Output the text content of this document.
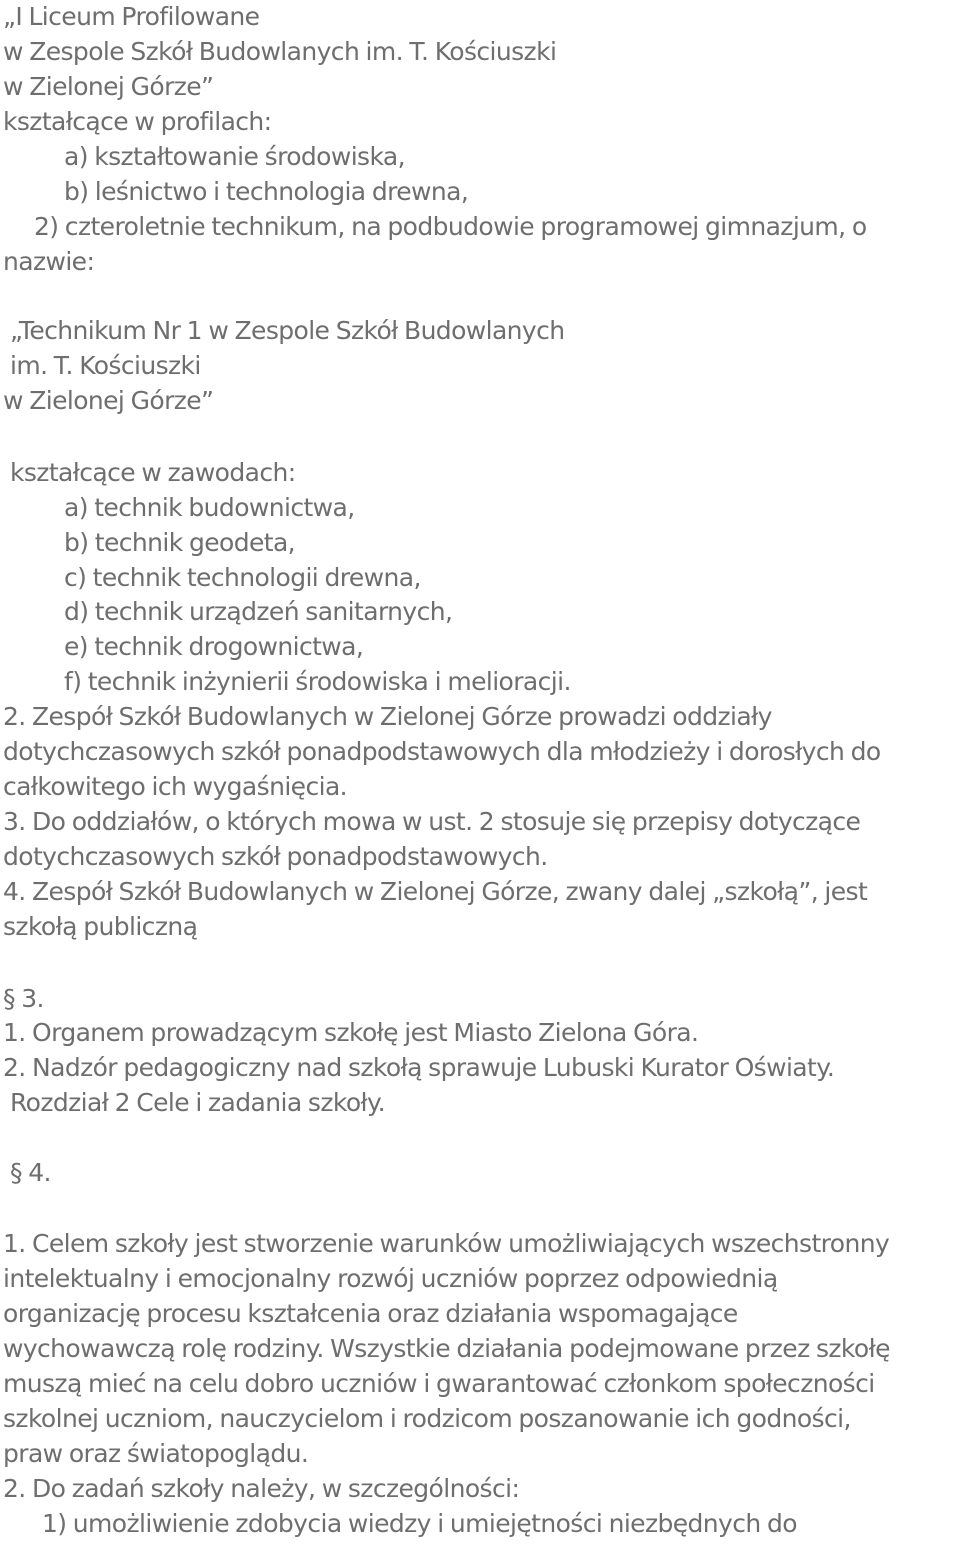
„I Liceum Profilowane
w Zespole Szkół Budowlanych im. T. Kościuszki
w Zielonej Górze”
kształcące w profilach:
a) kształtowanie środowiska,
b) leśnictwo i technologia drewna,
2) czteroletnie technikum, na podbudowie programowej gimnazjum, o
nazwie:
„Technikum Nr 1 w Zespole Szkół Budowlanych
im. T. Kościuszki
w Zielonej Górze”
kształcące w zawodach:
a) technik budownictwa,
b) technik geodeta,
c) technik technologii drewna,
d) technik urządzeń sanitarnych,
e) technik drogownictwa,
f) technik inżynierii środowiska i melioracji.
2. Zespół Szkół Budowlanych w Zielonej Górze prowadzi oddziały
dotychczasowych szkół ponadpodstawowych dla młodzieży i dorosłych do
całkowitego ich wygaśnięcia.
3. Do oddziałów, o których mowa w ust. 2 stosuje się przepisy dotyczące
dotychczasowych szkół ponadpodstawowych.
4. Zespół Szkół Budowlanych w Zielonej Górze, zwany dalej „szkołą”, jest
szkołą publiczną
§ 3.
1. Organem prowadzącym szkołę jest Miasto Zielona Góra.
2. Nadzór pedagogiczny nad szkołą sprawuje Lubuski Kurator Oświaty.
Rozdział 2 Cele i zadania szkoły.
§ 4.
1. Celem szkoły jest stworzenie warunków umożliwiających wszechstronny
intelektualny i emocjonalny rozwój uczniów poprzez odpowiednią
organizację procesu kształcenia oraz działania wspomagające
wychowawczą rolę rodziny. Wszystkie działania podejmowane przez szkołę
muszą mieć na celu dobro uczniów i gwarantować członkom społeczności
szkolnej uczniom, nauczycielom i rodzicom poszanowanie ich godności,
praw oraz światopoglądu.
2. Do zadań szkoły należy, w szczególności:
1) umożliwienie zdobycia wiedzy i umiejętności niezbędnych do
